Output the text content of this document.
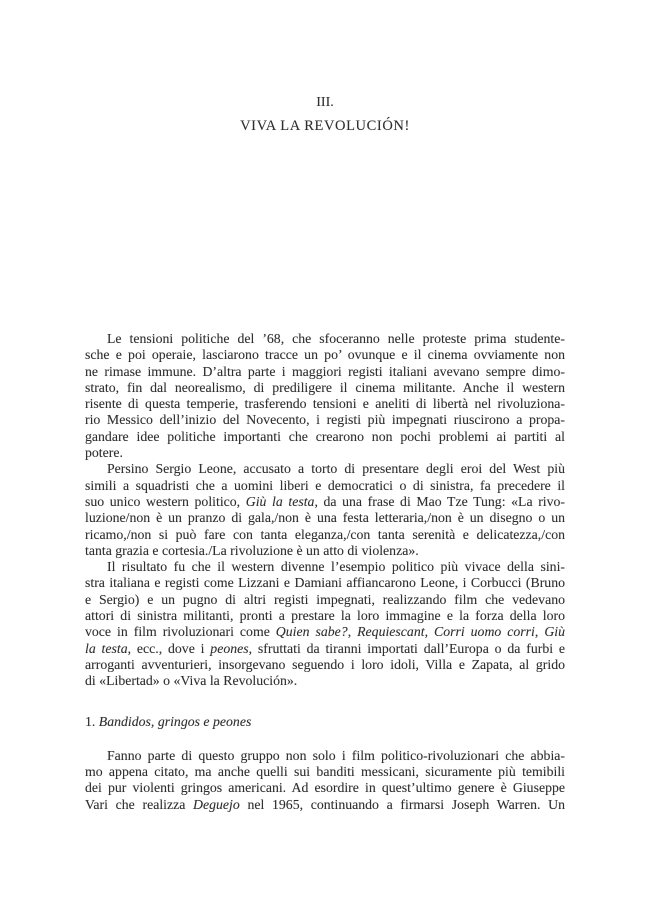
III.
VIVA LA REVOLUCIÓN!
Le tensioni politiche del ’68, che sfoceranno nelle proteste prima studente-
sche e poi operaie, lasciarono tracce un po’ ovunque e il cinema ovviamente non
ne rimase immune. D’altra parte i maggiori registi italiani avevano sempre dimo-
strato, fin dal neorealismo, di prediligere il cinema militante. Anche il western
risente di questa temperie, trasferendo tensioni e aneliti di libertà nel rivoluziona-
rio Messico dell’inizio del Novecento, i registi più impegnati riuscirono a propa-
gandare idee politiche importanti che crearono non pochi problemi ai partiti al
potere.
Persino Sergio Leone, accusato a torto di presentare degli eroi del West più
simili a squadristi che a uomini liberi e democratici o di sinistra, fa precedere il
suo unico western politico, Giù la testa, da una frase di Mao Tze Tung: «La rivo-
luzione/non è un pranzo di gala,/non è una festa letteraria,/non è un disegno o un
ricamo,/non si può fare con tanta eleganza,/con tanta serenità e delicatezza,/con
tanta grazia e cortesia./La rivoluzione è un atto di violenza».
Il risultato fu che il western divenne l’esempio politico più vivace della sini-
stra italiana e registi come Lizzani e Damiani affiancarono Leone, i Corbucci (Bruno
e Sergio) e un pugno di altri registi impegnati, realizzando film che vedevano
attori di sinistra militanti, pronti a prestare la loro immagine e la forza della loro
voce in film rivoluzionari come Quien sabe?, Requiescant, Corri uomo corri, Giù
la testa, ecc., dove i peones, sfruttati da tiranni importati dall’Europa o da furbi e
arroganti avventurieri, insorgevano seguendo i loro idoli, Villa e Zapata, al grido
di «Libertad» o «Viva la Revolución».
1. Bandidos, gringos e peones
Fanno parte di questo gruppo non solo i film politico-rivoluzionari che abbia-
mo appena citato, ma anche quelli sui banditi messicani, sicuramente più temibili
dei pur violenti gringos americani. Ad esordire in quest’ultimo genere è Giuseppe
Vari che realizza Deguejo nel 1965, continuando a firmarsi Joseph Warren. Un
